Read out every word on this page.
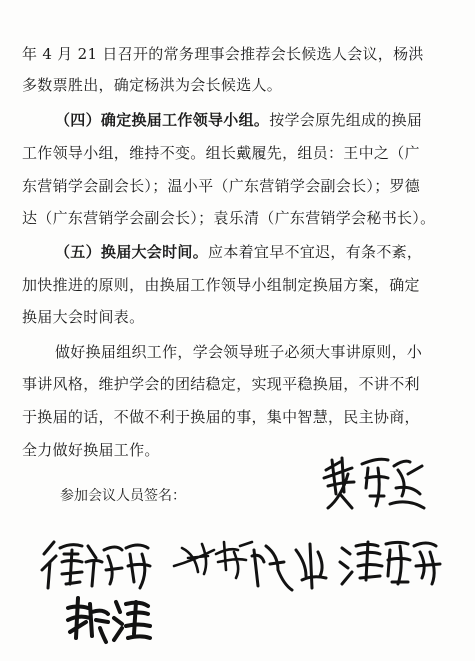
年 4 月 21 日召开的常务理事会推荐会长候选人会议，杨洪
多数票胜出，确定杨洪为会长候选人。
（四）确定换届工作领导小组。按学会原先组成的换届
工作领导小组，维持不变。组长戴履先，组员：王中之（广
东营销学会副会长）；温小平（广东营销学会副会长）；罗德
达（广东营销学会副会长）；袁乐清（广东营销学会秘书长）。
（五）换届大会时间。应本着宜早不宜迟，有条不紊，
加快推进的原则，由换届工作领导小组制定换届方案，确定
换届大会时间表。
做好换届组织工作，学会领导班子必须大事讲原则，小
事讲风格，维护学会的团结稳定，实现平稳换届，不讲不利
于换届的话，不做不利于换届的事，集中智慧，民主协商，
全力做好换届工作。
参加会议人员签名：
